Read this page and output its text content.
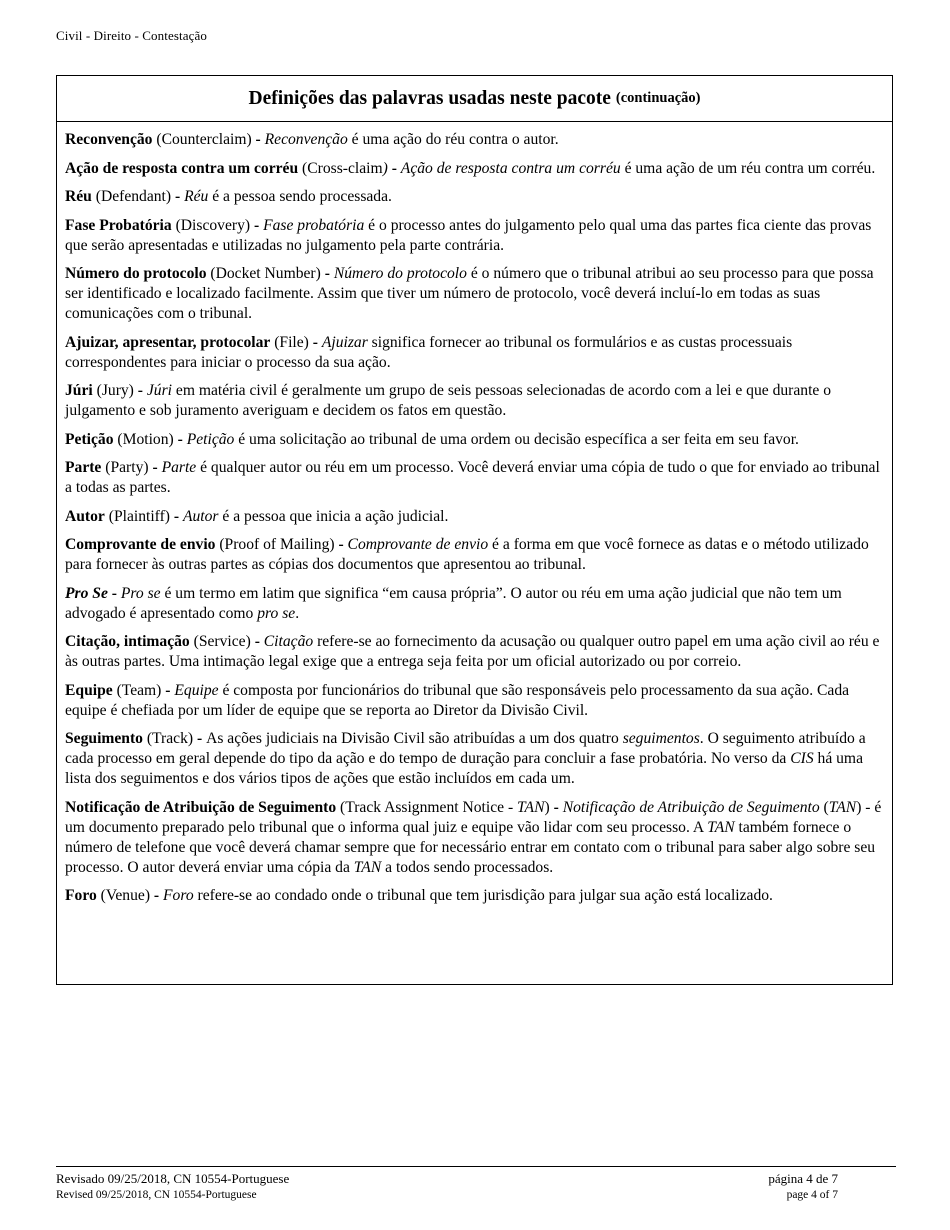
Civil - Direito - Contestação
Definições das palavras usadas neste pacote (continuação)

Reconvenção (Counterclaim) - Reconvenção é uma ação do réu contra o autor.

Ação de resposta contra um corréu (Cross-claim) - Ação de resposta contra um corréu é uma ação de um réu contra um corréu.

Réu (Defendant) - Réu é a pessoa sendo processada.

Fase Probatória (Discovery) - Fase probatória é o processo antes do julgamento pelo qual uma das partes fica ciente das provas que serão apresentadas e utilizadas no julgamento pela parte contrária.

Número do protocolo (Docket Number) - Número do protocolo é o número que o tribunal atribui ao seu processo para que possa ser identificado e localizado facilmente. Assim que tiver um número de protocolo, você deverá incluí-lo em todas as suas comunicações com o tribunal.

Ajuizar, apresentar, protocolar (File) - Ajuizar significa fornecer ao tribunal os formulários e as custas processuais correspondentes para iniciar o processo da sua ação.

Júri (Jury) - Júri em matéria civil é geralmente um grupo de seis pessoas selecionadas de acordo com a lei e que durante o julgamento e sob juramento averiguam e decidem os fatos em questão.

Petição (Motion) - Petição é uma solicitação ao tribunal de uma ordem ou decisão específica a ser feita em seu favor.

Parte (Party) - Parte é qualquer autor ou réu em um processo. Você deverá enviar uma cópia de tudo o que for enviado ao tribunal a todas as partes.

Autor (Plaintiff) - Autor é a pessoa que inicia a ação judicial.

Comprovante de envio (Proof of Mailing) - Comprovante de envio é a forma em que você fornece as datas e o método utilizado para fornecer às outras partes as cópias dos documentos que apresentou ao tribunal.

Pro Se - Pro se é um termo em latim que significa “em causa própria”. O autor ou réu em uma ação judicial que não tem um advogado é apresentado como pro se.

Citação, intimação (Service) - Citação refere-se ao fornecimento da acusação ou qualquer outro papel em uma ação civil ao réu e às outras partes. Uma intimação legal exige que a entrega seja feita por um oficial autorizado ou por correio.

Equipe (Team) - Equipe é composta por funcionários do tribunal que são responsáveis pelo processamento da sua ação. Cada equipe é chefiada por um líder de equipe que se reporta ao Diretor da Divisão Civil.

Seguimento (Track) - As ações judiciais na Divisão Civil são atribuídas a um dos quatro seguimentos. O seguimento atribuído a cada processo em geral depende do tipo da ação e do tempo de duração para concluir a fase probatória. No verso da CIS há uma lista dos seguimentos e dos vários tipos de ações que estão incluídos em cada um.

Notificação de Atribuição de Seguimento (Track Assignment Notice - TAN) - Notificação de Atribuição de Seguimento (TAN) - é um documento preparado pelo tribunal que o informa qual juiz e equipe vão lidar com seu processo. A TAN também fornece o número de telefone que você deverá chamar sempre que for necessário entrar em contato com o tribunal para saber algo sobre seu processo. O autor deverá enviar uma cópia da TAN a todos sendo processados.

Foro (Venue) - Foro refere-se ao condado onde o tribunal que tem jurisdição para julgar sua ação está localizado.

Revisado 09/25/2018, CN 10554-Portuguese
Revised 09/25/2018, CN 10554-Portuguese
página 4 de 7
page 4 of 7
